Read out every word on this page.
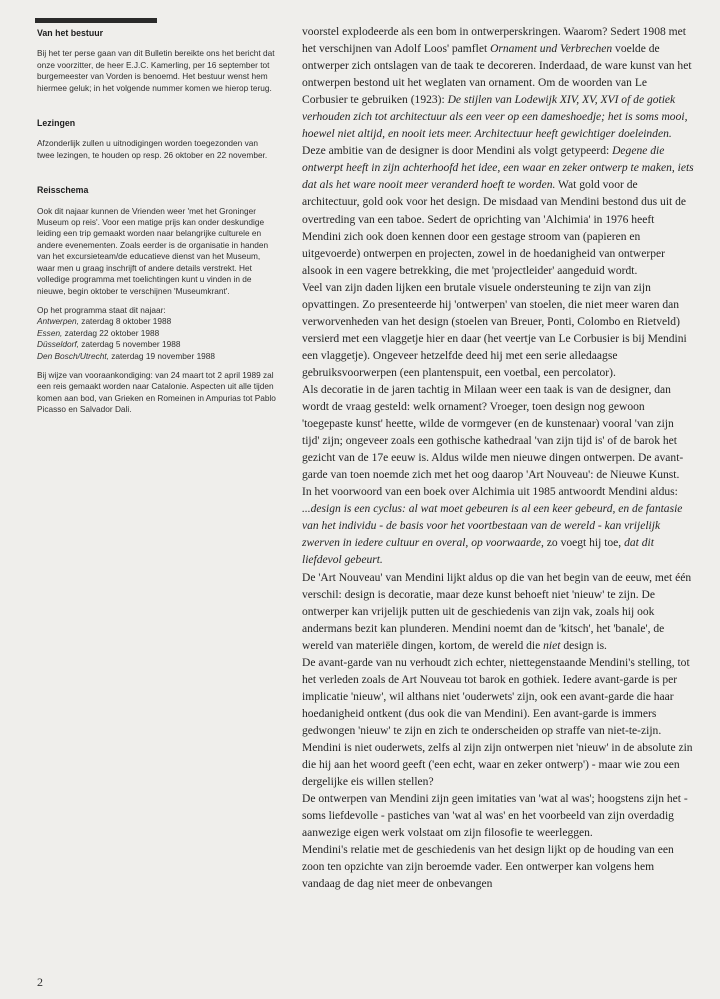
Van het bestuur

Bij het ter perse gaan van dit Bulletin bereikte ons het bericht dat onze voorzitter, de heer E.J.C. Kamerling, per 16 september tot burgemeester van Vorden is benoemd. Het bestuur wenst hem hiermee geluk; in het volgende nummer komen we hierop terug.

Lezingen

Afzonderlijk zullen u uitnodigingen worden toegezonden van twee lezingen, te houden op resp. 26 oktober en 22 november.

Reisschema

Ook dit najaar kunnen de Vrienden weer 'met het Groninger Museum op reis'. Voor een matige prijs kan onder deskundige leiding een trip gemaakt worden naar belangrijke culturele en andere evenementen. Zoals eerder is de organisatie in handen van het excursieteam/de educatieve dienst van het Museum, waar men u graag inschrijft of andere details verstrekt. Het volledige programma met toelichtingen kunt u vinden in de nieuwe, begin oktober te verschijnen 'Museumkrant'.

Op het programma staat dit najaar:
Antwerpen, zaterdag 8 oktober 1988
Essen, zaterdag 22 oktober 1988
Düsseldorf, zaterdag 5 november 1988
Den Bosch/Utrecht, zaterdag 19 november 1988

Bij wijze van vooraankondiging: van 24 maart tot 2 april 1989 zal een reis gemaakt worden naar Catalonie. Aspecten uit alle tijden komen aan bod, van Grieken en Romeinen in Ampurias tot Pablo Picasso en Salvador Dali.

voorstel explodeerde als een bom in ontwerperskringen. Waarom? Sedert 1908 met het verschijnen van Adolf Loos' pamflet Ornament und Verbrechen voelde de ontwerper zich ontslagen van de taak te decoreren. Inderdaad, de ware kunst van het ontwerpen bestond uit het weglaten van ornament. Om de woorden van Le Corbusier te gebruiken (1923): De stijlen van Lodewijk XIV, XV, XVI of de gotiek verhouden zich tot architectuur als een veer op een dameshoedje; het is soms mooi, hoewel niet altijd, en nooit iets meer. Architectuur heeft gewichtiger doeleinden. Deze ambitie van de designer is door Mendini als volgt getypeerd: Degene die ontwerpt heeft in zijn achterhoofd het idee, een waar en zeker ontwerp te maken, iets dat als het ware nooit meer veranderd hoeft te worden. Wat gold voor de architectuur, gold ook voor het design. De misdaad van Mendini bestond dus uit de overtreding van een taboe. Sedert de oprichting van 'Alchimia' in 1976 heeft Mendini zich ook doen kennen door een gestage stroom van (papieren en uitgevoerde) ontwerpen en projecten, zowel in de hoedanigheid van ontwerper alsook in een vagere betrekking, die met 'projectleider' aangeduid wordt.

Veel van zijn daden lijken een brutale visuele ondersteuning te zijn van zijn opvattingen. Zo presenteerde hij 'ontwerpen' van stoelen, die niet meer waren dan verworvenheden van het design (stoelen van Breuer, Ponti, Colombo en Rietveld) versierd met een vlaggetje hier en daar (het veertje van Le Corbusier is bij Mendini een vlaggetje). Ongeveer hetzelfde deed hij met een serie alledaagse gebruiksvoorwerpen (een plantenspuit, een voetbal, een percolator).

Als decoratie in de jaren tachtig in Milaan weer een taak is van de designer, dan wordt de vraag gesteld: welk ornament? Vroeger, toen design nog gewoon 'toegepaste kunst' heette, wilde de vormgever (en de kunstenaar) vooral 'van zijn tijd' zijn; ongeveer zoals een gothische kathedraal 'van zijn tijd is' of de barok het gezicht van de 17e eeuw is. Aldus wilde men nieuwe dingen ontwerpen. De avant-garde van toen noemde zich met het oog daarop 'Art Nouveau': de Nieuwe Kunst.

In het voorwoord van een boek over Alchimia uit 1985 antwoordt Mendini aldus: ...design is een cyclus: al wat moet gebeuren is al een keer gebeurd, en de fantasie van het individu - de basis voor het voortbestaan van de wereld - kan vrijelijk zwerven in iedere cultuur en overal, op voorwaarde, zo voegt hij toe, dat dit liefdevol gebeurt.

De 'Art Nouveau' van Mendini lijkt aldus op die van het begin van de eeuw, met één verschil: design is decoratie, maar deze kunst behoeft niet 'nieuw' te zijn. De ontwerper kan vrijelijk putten uit de geschiedenis van zijn vak, zoals hij ook andermans bezit kan plunderen. Mendini noemt dan de 'kitsch', het 'banale', de wereld van materiële dingen, kortom, de wereld die niet design is.

De avant-garde van nu verhoudt zich echter, niettegenstaande Mendini's stelling, tot het verleden zoals de Art Nouveau tot barok en gothiek. Iedere avant-garde is per implicatie 'nieuw', wil althans niet 'ouderwets' zijn, ook een avant-garde die haar hoedanigheid ontkent (dus ook die van Mendini). Een avant-garde is immers gedwongen 'nieuw' te zijn en zich te onderscheiden op straffe van niet-te-zijn.

Mendini is niet ouderwets, zelfs al zijn zijn ontwerpen niet 'nieuw' in de absolute zin die hij aan het woord geeft ('een echt, waar en zeker ontwerp') - maar wie zou een dergelijke eis willen stellen?

De ontwerpen van Mendini zijn geen imitaties van 'wat al was'; hoogstens zijn het - soms liefdevolle - pastiches van 'wat al was' en het voorbeeld van zijn overdadig aanwezige eigen werk volstaat om zijn filosofie te weerleggen.

Mendini's relatie met de geschiedenis van het design lijkt op de houding van een zoon ten opzichte van zijn beroemde vader. Een ontwerper kan volgens hem vandaag de dag niet meer de onbevangen

2
